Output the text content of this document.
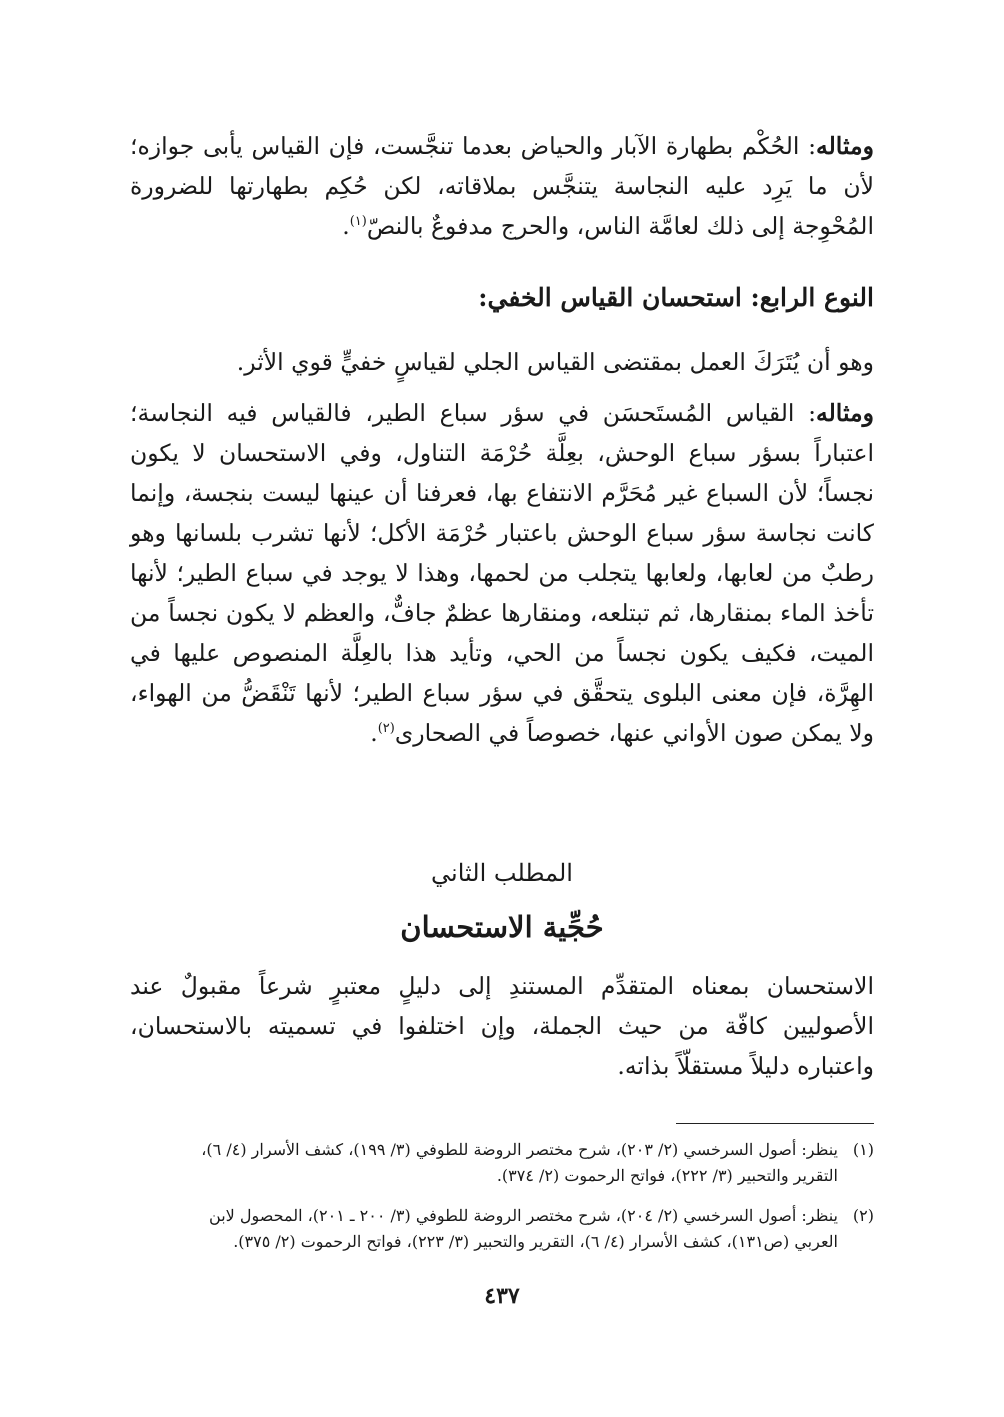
ومثاله: الحُكْم بطهارة الآبار والحياض بعدما تنجَّست، فإن القياس يأبى جوازه؛ لأن ما يَرِد عليه النجاسة يتنجَّس بملاقاته، لكن حُكِم بطهارتها للضرورة المُحْوِجة إلى ذلك لعامَّة الناس، والحرج مدفوعٌ بالنصّ$^{(١)}$.

النوع الرابع: استحسان القياس الخفي:

وهو أن يُتَرَكَ العمل بمقتضى القياس الجلي لقياسٍ خفيٍّ قوي الأثر.

ومثاله: القياس المُستَحسَن في سؤر سباع الطير، فالقياس فيه النجاسة؛ اعتباراً بسؤر سباع الوحش، بعِلَّة حُرْمَة التناول، وفي الاستحسان لا يكون نجساً؛ لأن السباع غير مُحَرَّم الانتفاع بها، فعرفنا أن عينها ليست بنجسة، وإنما كانت نجاسة سؤر سباع الوحش باعتبار حُرْمَة الأكل؛ لأنها تشرب بلسانها وهو رطبٌ من لعابها، ولعابها يتجلب من لحمها، وهذا لا يوجد في سباع الطير؛ لأنها تأخذ الماء بمنقارها، ثم تبتلعه، ومنقارها عظمٌ جافٌّ، والعظم لا يكون نجساً من الميت، فكيف يكون نجساً من الحي، وتأيد هذا بالعِلَّة المنصوص عليها في الهِرَّة، فإن معنى البلوى يتحقَّق في سؤر سباع الطير؛ لأنها تَنْقَضُّ من الهواء، ولا يمكن صون الأواني عنها، خصوصاً في الصحارى$^{(٢)}$.

المطلب الثاني

حُجِّية الاستحسان

الاستحسان بمعناه المتقدِّم المستندِ إلى دليلٍ معتبرٍ شرعاً مقبولٌ عند الأصوليين كافّة من حيث الجملة، وإن اختلفوا في تسميته بالاستحسان، واعتباره دليلاً مستقلّاً بذاته.

(١)ينظر: أصول السرخسي (٢/ ٢٠٣)، شرح مختصر الروضة للطوفي (٣/ ١٩٩)، كشف الأسرار (٤/ ٦)،
التقرير والتحبير (٣/ ٢٢٢)، فواتح الرحموت (٢/ ٣٧٤).
(٢)ينظر: أصول السرخسي (٢/ ٢٠٤)، شرح مختصر الروضة للطوفي (٣/ ٢٠٠ ـ ٢٠١)، المحصول لابن
العربي (ص١٣١)، كشف الأسرار (٤/ ٦)، التقرير والتحبير (٣/ ٢٢٣)، فواتح الرحموت (٢/ ٣٧٥).
٤٣٧
